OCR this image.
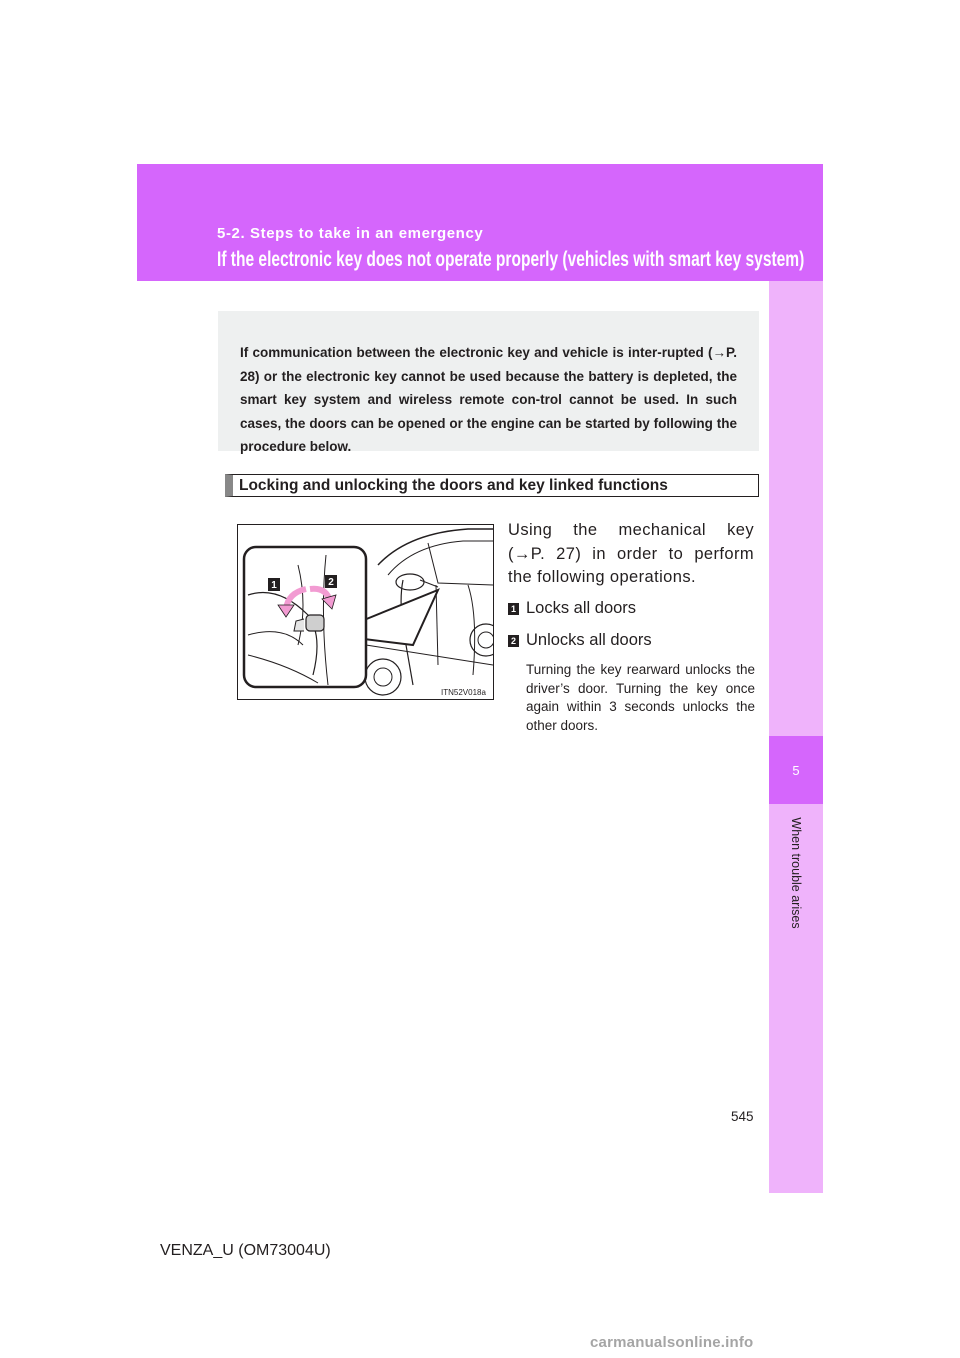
5-2. Steps to take in an emergency
If the electronic key does not operate properly (vehicles with smart key system)
5
When trouble arises
If communication between the electronic key and vehicle is inter-rupted (→P. 28) or the electronic key cannot be used because the battery is depleted, the smart key system and wireless remote con-trol cannot be used. In such cases, the doors can be opened or the engine can be started by following the procedure below.
Locking and unlocking the doors and key linked functions
1	2
ITN52V018a
Using the mechanical key
(→P. 27) in order to perform
the following operations.
1 Locks all doors
2 Unlocks all doors
Turning the key rearward unlocks the driver’s door. Turning the key once again within 3 seconds unlocks the other doors.
545
VENZA_U (OM73004U)
carmanualsonline.info
